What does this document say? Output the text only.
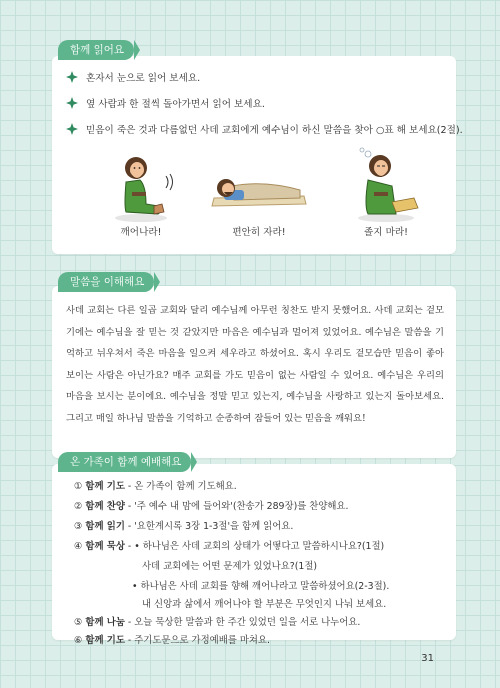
함께 읽어요
혼자서 눈으로 읽어 보세요.
옆 사람과 한 절씩 돌아가면서 읽어 보세요.
믿음이 죽은 것과 다름없던 사데 교회에게 예수님이 하신 말씀을 찾아 ○표 해 보세요(2절).
깨어나라!	편안히 자라!	졸지 마라!
말씀을 이해해요
사데 교회는 다른 일곱 교회와 달리 예수님께 아무런 칭찬도 받지 못했어요. 사데 교회는 겉모기에는 예수님을 잘 믿는 것 같았지만 마음은 예수님과 멀어져 있었어요. 예수님은 말씀을 기억하고 뉘우쳐서 죽은 마음을 일으켜 세우라고 하셨어요. 혹시 우리도 겉모습만 믿음이 좋아 보이는 사람은 아닌가요? 매주 교회를 가도 믿음이 없는 사람일 수 있어요. 예수님은 우리의 마음을 보시는 분이에요. 예수님을 정말 믿고 있는지, 예수님을 사랑하고 있는지 돌아보세요. 그리고 매일 하나님 말씀을 기억하고 순종하여 잠들어 있는 믿음을 깨워요!
온 가족이 함께 예배해요
① 함께 기도 - 온 가족이 함께 기도해요.
② 함께 찬양 - '주 예수 내 맘에 들어와'(찬송가 289장)를 찬양해요.
③ 함께 읽기 - '요한계시록 3장 1-3절'을 함께 읽어요.
④ 함께 묵상 - • 하나님은 사데 교회의 상태가 어떻다고 말씀하시나요?(1절)
사데 교회에는 어떤 문제가 있었나요?(1절)
• 하나님은 사데 교회를 향해 깨어나라고 말씀하셨어요(2-3절).
내 신앙과 삶에서 깨어나야 할 부분은 무엇인지 나눠 보세요.
⑤ 함께 나눔 - 오늘 묵상한 말씀과 한 주간 있었던 일을 서로 나누어요.
⑥ 함께 기도 - 주기도문으로 가정예배를 마쳐요.
31
